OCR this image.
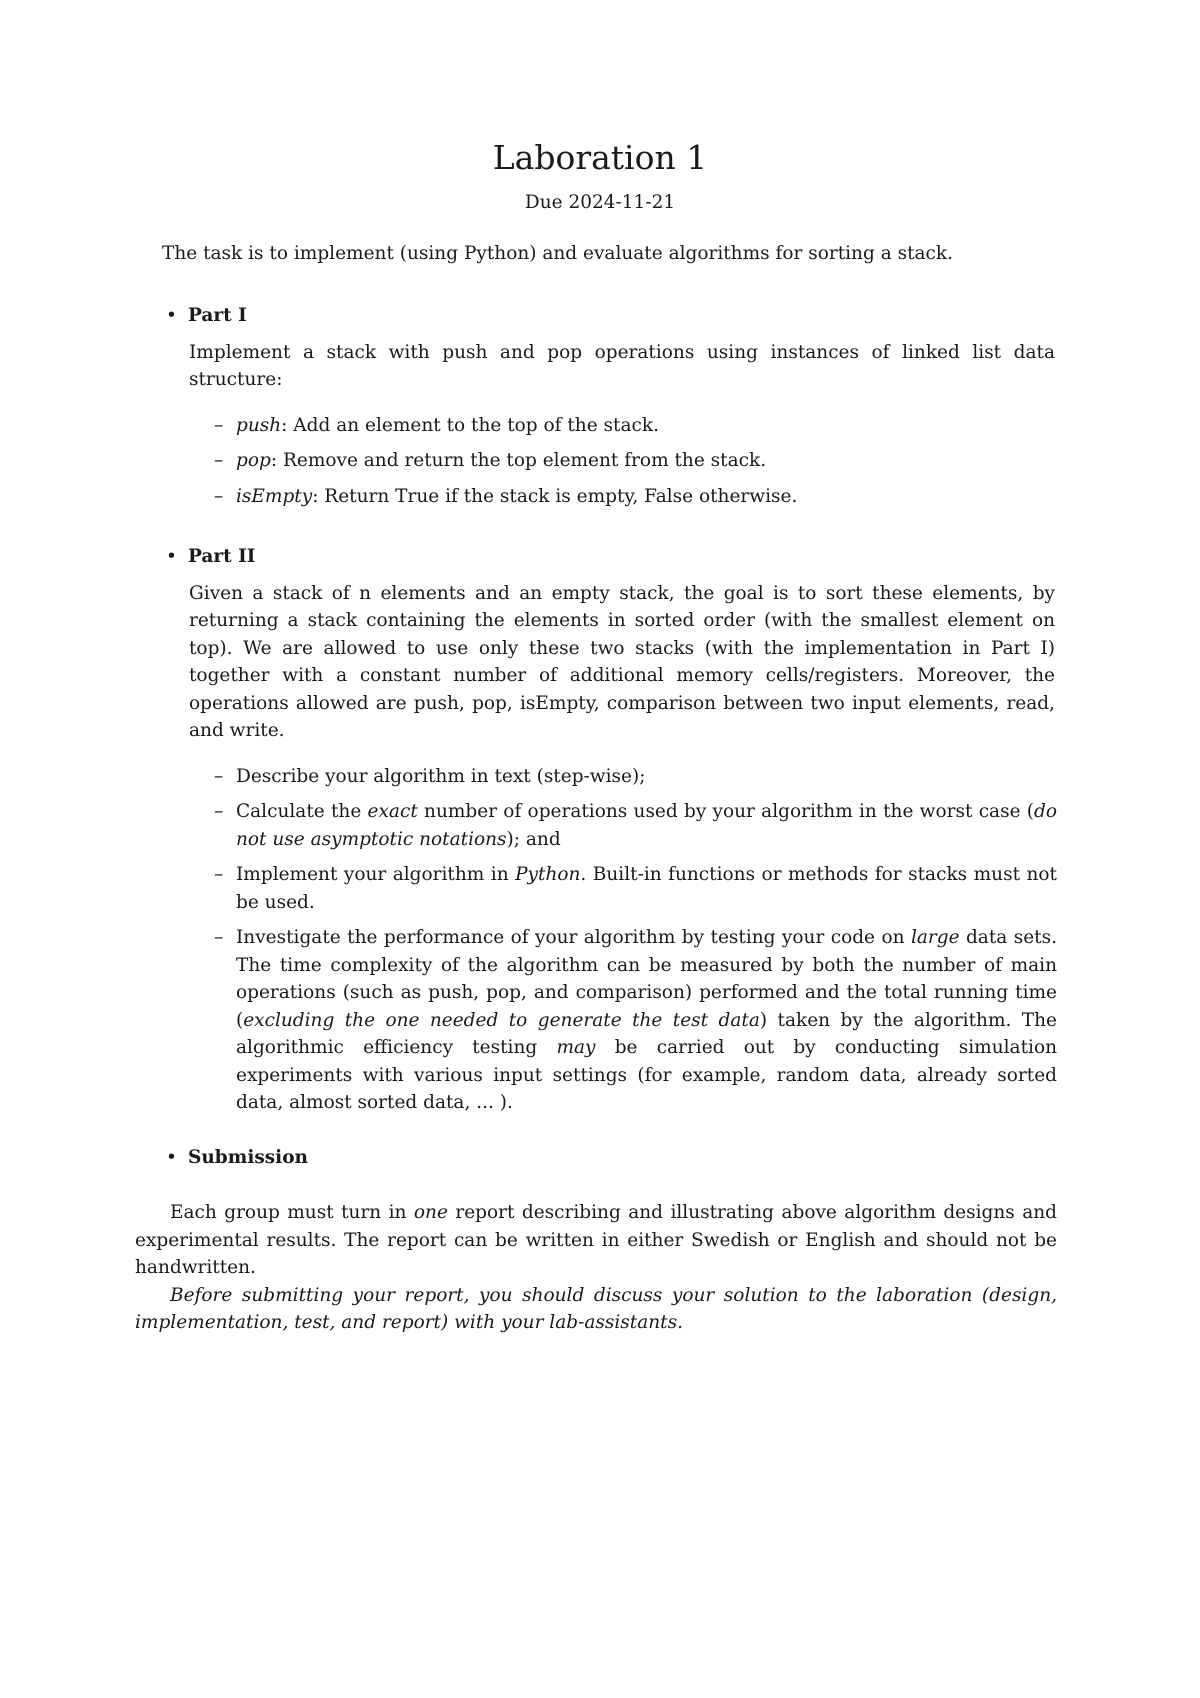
Laboration 1
Due 2024-11-21
The task is to implement (using Python) and evaluate algorithms for sorting a stack.
• Part I
Implement a stack with push and pop operations using instances of linked list data structure:
– push: Add an element to the top of the stack.
– pop: Remove and return the top element from the stack.
– isEmpty: Return True if the stack is empty, False otherwise.
• Part II
Given a stack of n elements and an empty stack, the goal is to sort these elements, by returning a stack containing the elements in sorted order (with the smallest element on top). We are allowed to use only these two stacks (with the implementation in Part I) together with a constant number of additional memory cells/registers. Moreover, the operations allowed are push, pop, isEmpty, comparison between two input elements, read, and write.
– Describe your algorithm in text (step-wise);
– Calculate the exact number of operations used by your algorithm in the worst case (do not use asymptotic notations); and
– Implement your algorithm in Python. Built-in functions or methods for stacks must not be used.
– Investigate the performance of your algorithm by testing your code on large data sets. The time complexity of the algorithm can be measured by both the number of main operations (such as push, pop, and comparison) performed and the total running time (excluding the one needed to generate the test data) taken by the algorithm. The algorithmic efficiency testing may be carried out by conducting simulation experiments with various input settings (for example, random data, already sorted data, almost sorted data, ... ).
• Submission

Each group must turn in one report describing and illustrating above algorithm designs and experimental results. The report can be written in either Swedish or English and should not be handwritten.

Before submitting your report, you should discuss your solution to the laboration (design, implementation, test, and report) with your lab-assistants.
